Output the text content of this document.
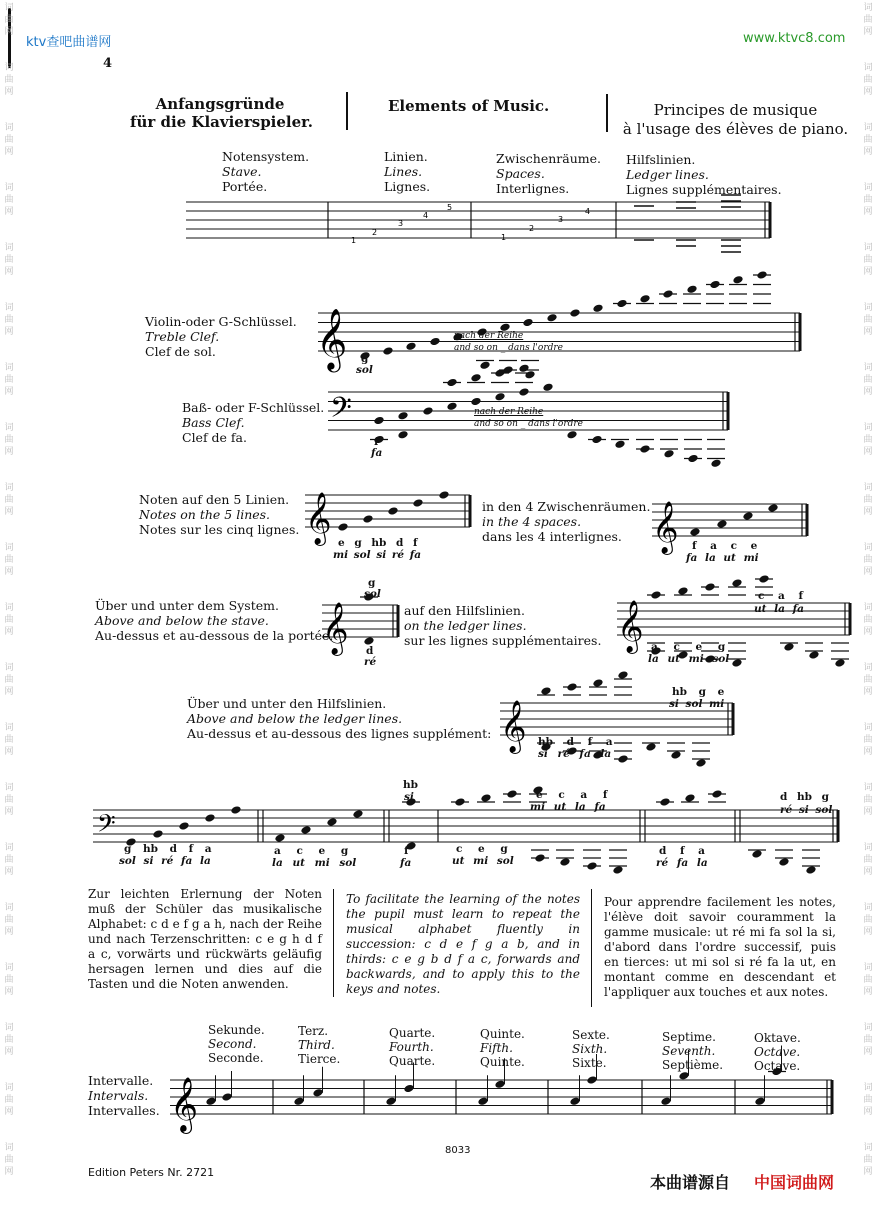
ktv查吧曲谱网	www.ktvc8.com
本曲谱源自 中国词曲网
词
曲
网
词
曲
网
词
曲
网
词
曲
网
词
曲
网
词
曲
网
词
曲
网
词
曲
网
词
曲
网
词
曲
网
词
曲
网
词
曲
网
词
曲
网
词
曲
网
词
曲
网
词
曲
网
词
曲
网
词
曲
网
词
曲
网
词
曲
网
词
曲
网
词
曲
网
词
曲
网
词
曲
网
词
曲
网
词
曲
网
词
曲
网
词
曲
网
词
曲
网
词
曲
网
词
曲
网
词
曲
网
词
曲
网
词
曲
网
词
曲
网
词
曲
网
词
曲
网
词
曲
网
词
曲
网
词
曲
网
4
Anfangsgründe
für die Klavierspieler.
Elements of Music.	Principes de musique
à l'usage des élèves de piano.
Notensystem.
Stave.
Portée.
Linien.
Lines.
Lignes.
Zwischenräume.
Spaces.
Interlignes.
Hilfslinien.
Ledger lines.
Lignes supplémentaires.
1
2
3
4
5
1
2
3
4
𝄞
𝄢
𝄞	𝄞
𝄞	𝄞
𝄞
𝄢
𝄞
Violin-oder G-Schlüssel.
Treble Clef.
Clef de sol.
Baß- oder F-Schlüssel.
Bass Clef.
Clef de fa.
g
sol
nach der Reihe
and so on _ dans l'ordre
f
fa
nach der Reihe
and so on _ dans l'ordre
Noten auf den 5 Linien.
Notes on the 5 lines.
Notes sur les cinq lignes.
e g hb d f
mi sol si ré fa
in den 4 Zwischenräumen.
in the 4 spaces.
dans les 4 interlignes.
f a c e
fa la ut mi
Über und unter dem System.
Above and below the stave.
Au-dessus et au-dessous de la portée.
g
sol
d
ré
auf den Hilfslinien.
on the ledger lines.
sur les lignes supplémentaires.
c a f
ut la fa
a c e g
la ut mi sol
Über und unter den Hilfslinien.
Above and below the ledger lines.
Au-dessus et au-dessous des lignes supplément:
hb g e
si sol mi
hb d f a
si ré fa la
g hb d f a
sol si ré fa la
a c e g
la ut mi sol
f
fa
hb
si
c e g
ut mi sol
e c a f
mi ut la fa
d f a
ré fa la
d hb g
ré si sol
Zur leichten Erlernung der Noten muß der Schüler das musikalische Alphabet: c d e f g a h, nach der Reihe und nach Terzenschritten: c e g h d f a c, vorwärts und rückwärts geläufig hersagen lernen und dies auf die Tasten und die Noten anwenden.
To facilitate the learning of the notes the pupil must learn to repeat the musical alphabet fluently in succession: c d e f g a b, and in thirds: c e g b d f a c, forwards and backwards, and to apply this to the keys and notes.
Pour apprendre facilement les notes, l'élève doit savoir couramment la gamme musicale: ut ré mi fa sol la si, d'abord dans l'ordre successif, puis en tierces: ut mi sol si ré fa la ut, en montant comme en descendant et l'appliquer aux touches et aux notes.
Intervalle.
Intervals.
Intervalles.
Sekunde.
Second.
Seconde.
Terz.
Third.
Tierce.
Quarte.
Fourth.
Quarte.
Quinte.
Fifth.
Quinte.
Sexte.
Sixth.
Sixte.
Septime.
Seventh.
Septième.
Oktave.
Octave.
Octave.
Edition Peters Nr. 2721
8033
